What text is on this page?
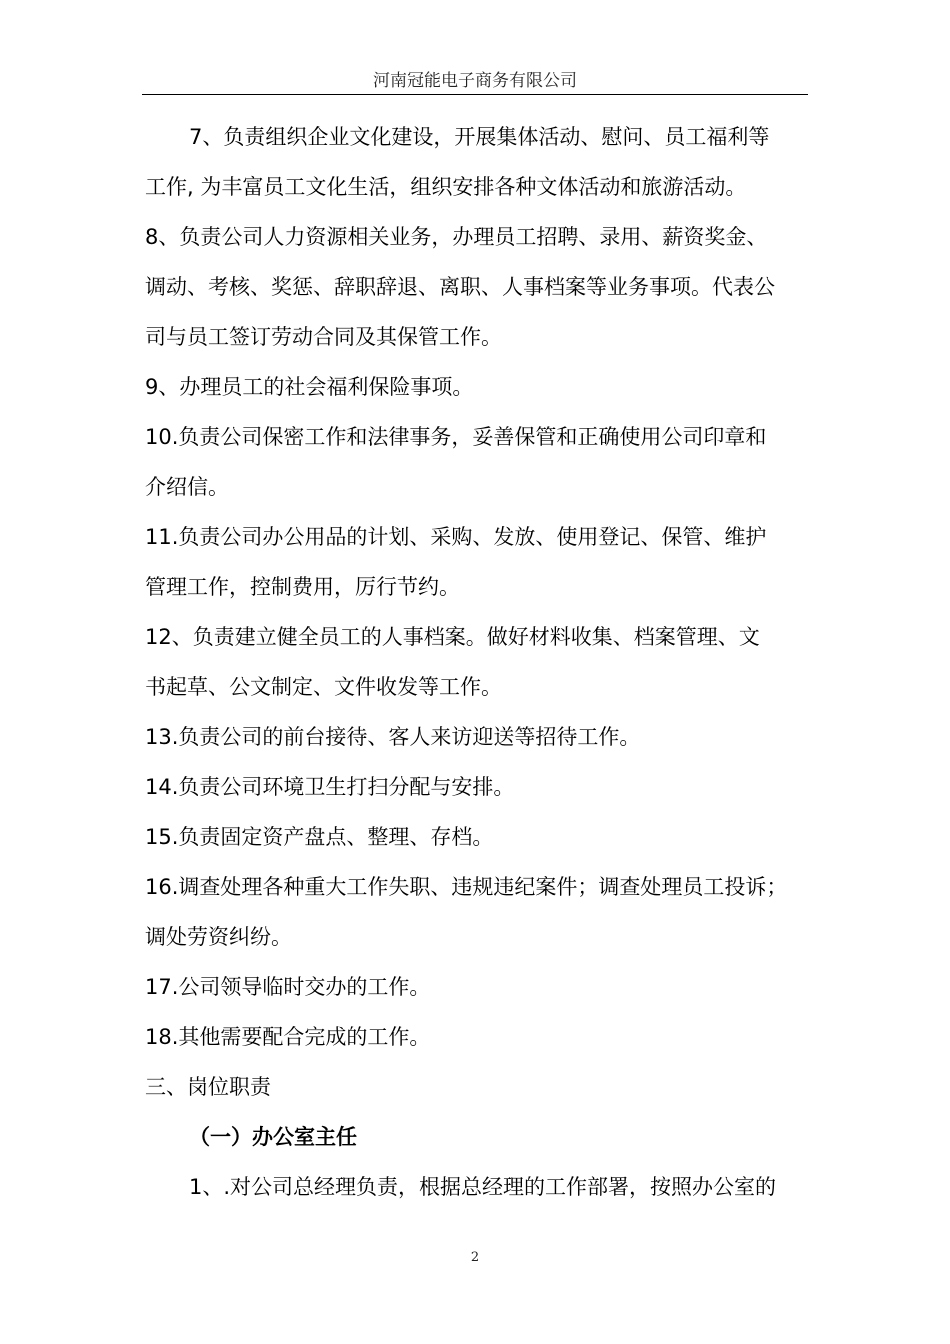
河南冠能电子商务有限公司
7、负责组织企业文化建设，开展集体活动、慰问、员工福利等
工作, 为丰富员工文化生活，组织安排各种文体活动和旅游活动。
8、负责公司人力资源相关业务，办理员工招聘、录用、薪资奖金、
调动、考核、奖惩、辞职辞退、离职、人事档案等业务事项。代表公
司与员工签订劳动合同及其保管工作。
9、办理员工的社会福利保险事项。
10.负责公司保密工作和法律事务，妥善保管和正确使用公司印章和
介绍信。
11.负责公司办公用品的计划、采购、发放、使用登记、保管、维护
管理工作，控制费用，厉行节约。
12、负责建立健全员工的人事档案。做好材料收集、档案管理、文
书起草、公文制定、文件收发等工作。
13.负责公司的前台接待、客人来访迎送等招待工作。
14.负责公司环境卫生打扫分配与安排。
15.负责固定资产盘点、整理、存档。
16.调查处理各种重大工作失职、违规违纪案件；调查处理员工投诉；
调处劳资纠纷。
17.公司领导临时交办的工作。
18.其他需要配合完成的工作。
三、岗位职责
（一）办公室主任
1、.对公司总经理负责，根据总经理的工作部署，按照办公室的
2
